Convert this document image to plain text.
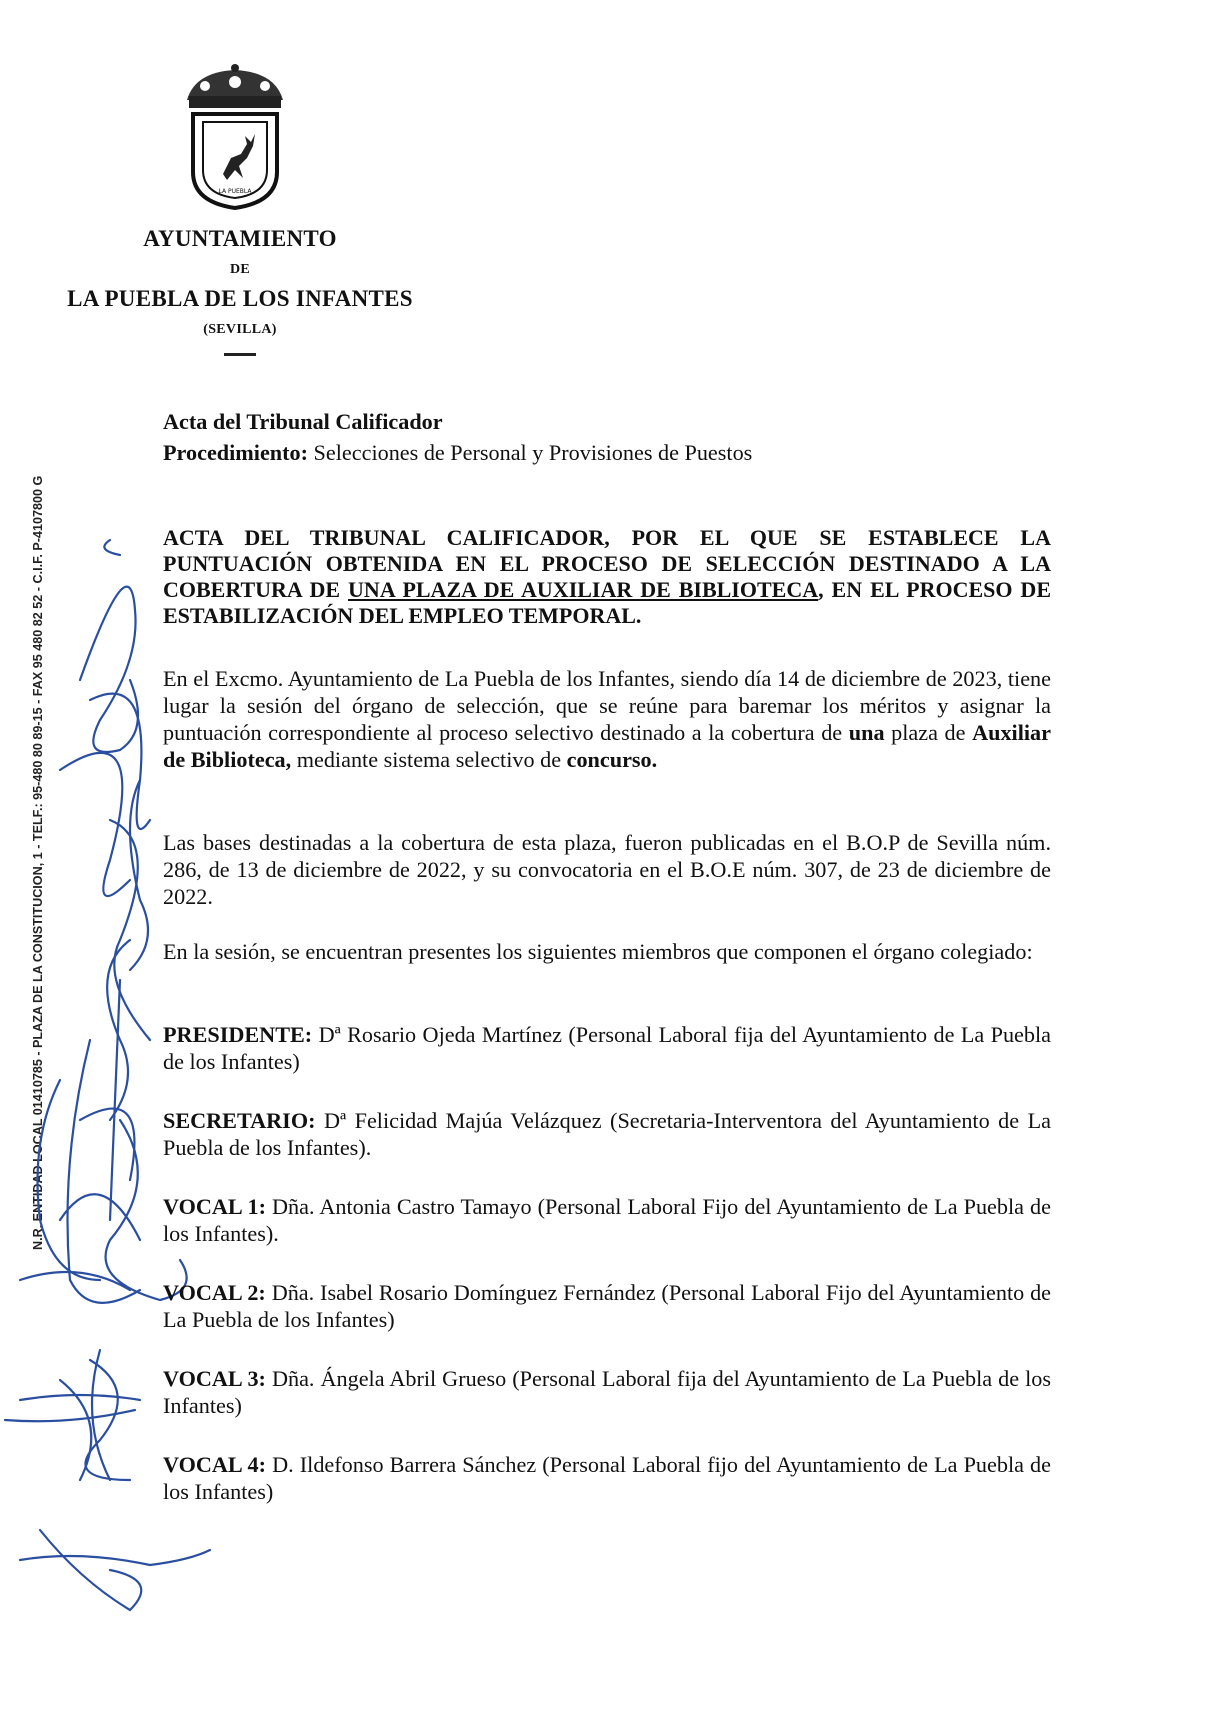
LA PUEBLA
AYUNTAMIENTO
DE
LA PUEBLA DE LOS INFANTES
(SEVILLA)
N.R. ENTIDAD LOCAL 01410785 - PLAZA DE LA CONSTITUCION, 1 - TELF.: 95-480 80 89-15 - FAX 95 480 82 52 - C.I.F. P-4107800 G
Acta del Tribunal Calificador
Procedimiento: Selecciones de Personal y Provisiones de Puestos
ACTA DEL TRIBUNAL CALIFICADOR, POR EL QUE SE ESTABLECE LA PUNTUACIÓN OBTENIDA EN EL PROCESO DE SELECCIÓN DESTINADO A LA COBERTURA DE UNA PLAZA DE AUXILIAR DE BIBLIOTECA, EN EL PROCESO DE ESTABILIZACIÓN DEL EMPLEO TEMPORAL.
En el Excmo. Ayuntamiento de La Puebla de los Infantes, siendo día 14 de diciembre de 2023, tiene lugar la sesión del órgano de selección, que se reúne para baremar los méritos y asignar la puntuación correspondiente al proceso selectivo destinado a la cobertura de una plaza de Auxiliar de Biblioteca, mediante sistema selectivo de concurso.
Las bases destinadas a la cobertura de esta plaza, fueron publicadas en el B.O.P de Sevilla núm. 286, de 13 de diciembre de 2022, y su convocatoria en el B.O.E núm. 307, de 23 de diciembre de 2022.
En la sesión, se encuentran presentes los siguientes miembros que componen el órgano colegiado:
PRESIDENTE: Dª Rosario Ojeda Martínez (Personal Laboral fija del Ayuntamiento de La Puebla de los Infantes)
SECRETARIO: Dª Felicidad Majúa Velázquez (Secretaria-Interventora del Ayuntamiento de La Puebla de los Infantes).
VOCAL 1: Dña. Antonia Castro Tamayo (Personal Laboral Fijo del Ayuntamiento de La Puebla de los Infantes).
VOCAL 2: Dña. Isabel Rosario Domínguez Fernández (Personal Laboral Fijo del Ayuntamiento de La Puebla de los Infantes)
VOCAL 3: Dña. Ángela Abril Grueso (Personal Laboral fija del Ayuntamiento de La Puebla de los Infantes)
VOCAL 4: D. Ildefonso Barrera Sánchez (Personal Laboral fijo del Ayuntamiento de La Puebla de los Infantes)
